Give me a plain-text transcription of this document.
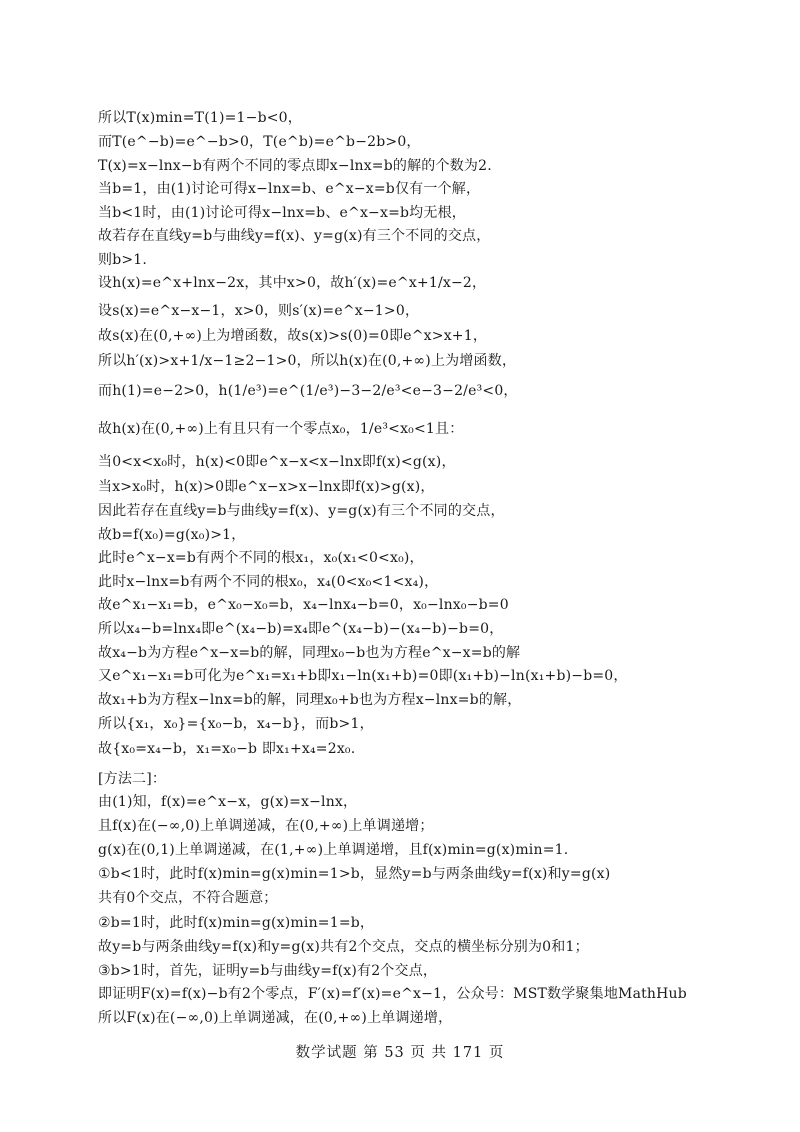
所以T(x)min=T(1)=1−b<0，
而T(e^−b)=e^−b>0，T(e^b)=e^b−2b>0，
T(x)=x−lnx−b有两个不同的零点即x−lnx=b的解的个数为2.
当b=1，由(1)讨论可得x−lnx=b、e^x−x=b仅有一个解，
当b<1时，由(1)讨论可得x−lnx=b、e^x−x=b均无根，
故若存在直线y=b与曲线y=f(x)、y=g(x)有三个不同的交点，
则b>1.
设h(x)=e^x+lnx−2x，其中x>0，故h′(x)=e^x+1/x−2，
设s(x)=e^x−x−1，x>0，则s′(x)=e^x−1>0，
故s(x)在(0,+∞)上为增函数，故s(x)>s(0)=0即e^x>x+1，
所以h′(x)>x+1/x−1≥2−1>0，所以h(x)在(0,+∞)上为增函数，
而h(1)=e−2>0，h(1/e³)=e^(1/e³)−3−2/e³<e−3−2/e³<0，
故h(x)在(0,+∞)上有且只有一个零点x₀，1/e³<x₀<1且：
当0<x<x₀时，h(x)<0即e^x−x<x−lnx即f(x)<g(x)，
当x>x₀时，h(x)>0即e^x−x>x−lnx即f(x)>g(x)，
因此若存在直线y=b与曲线y=f(x)、y=g(x)有三个不同的交点，
故b=f(x₀)=g(x₀)>1，
此时e^x−x=b有两个不同的根x₁，x₀(x₁<0<x₀)，
此时x−lnx=b有两个不同的根x₀，x₄(0<x₀<1<x₄)，
故e^x₁−x₁=b，e^x₀−x₀=b，x₄−lnx₄−b=0，x₀−lnx₀−b=0
所以x₄−b=lnx₄即e^(x₄−b)=x₄即e^(x₄−b)−(x₄−b)−b=0，
故x₄−b为方程e^x−x=b的解，同理x₀−b也为方程e^x−x=b的解
又e^x₁−x₁=b可化为e^x₁=x₁+b即x₁−ln(x₁+b)=0即(x₁+b)−ln(x₁+b)−b=0，
故x₁+b为方程x−lnx=b的解，同理x₀+b也为方程x−lnx=b的解，
所以{x₁，x₀}={x₀−b，x₄−b}，而b>1，
故{x₀=x₄−b，x₁=x₀−b 即x₁+x₄=2x₀.
[方法二]：
由(1)知，f(x)=e^x−x，g(x)=x−lnx，
且f(x)在(−∞,0)上单调递减，在(0,+∞)上单调递增；
g(x)在(0,1)上单调递减，在(1,+∞)上单调递增，且f(x)min=g(x)min=1.
①b<1时，此时f(x)min=g(x)min=1>b，显然y=b与两条曲线y=f(x)和y=g(x)
共有0个交点，不符合题意；
②b=1时，此时f(x)min=g(x)min=1=b，
故y=b与两条曲线y=f(x)和y=g(x)共有2个交点，交点的横坐标分别为0和1；
③b>1时，首先，证明y=b与曲线y=f(x)有2个交点，
即证明F(x)=f(x)−b有2个零点，F′(x)=f′(x)=e^x−1，公众号：MST数学聚集地MathHub
所以F(x)在(−∞,0)上单调递减，在(0,+∞)上单调递增，
数学试题 第 53 页 共 171 页
